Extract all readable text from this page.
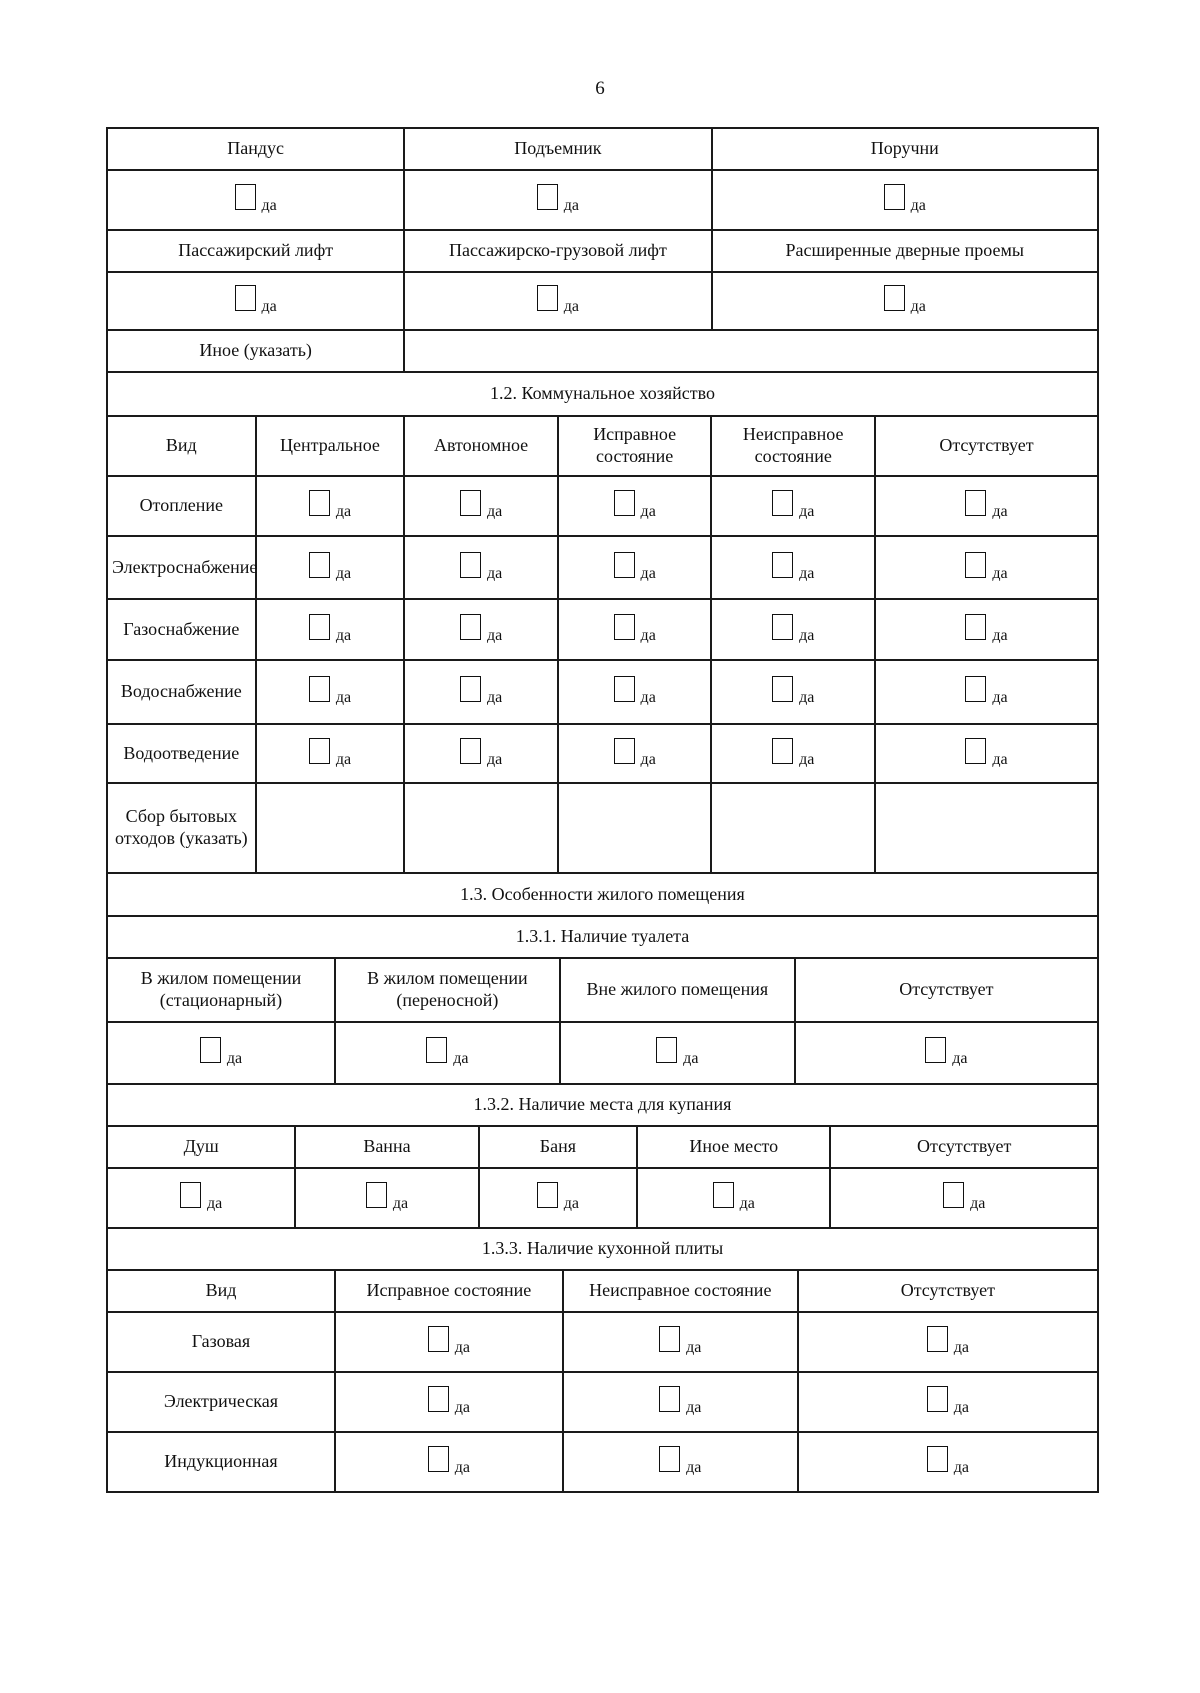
6
Пандус	Подъемник	Поручни

да	да	да

Пассажирский лифт	Пассажирско-грузовой лифт	Расширенные дверные проемы

да	да	да

Иное (указать)		
1.2. Коммунальное хозяйство					
Вид	Центральное	Автономное	Исправное состояние	Неисправное состояние	Отсутствует
Отопление	да	да	да	да	да

Электроснабжение	да	да	да	да	да

Газоснабжение	да	да	да	да	да

Водоснабжение	да	да	да	да	да

Водоотведение	да	да	да	да	да

Сбор бытовых отходов (указать)					
1.3. Особенности жилого помещения			
1.3.1. Наличие туалета			
В жилом помещении (стационарный)	В жилом помещении (переносной)	Вне жилого помещения	Отсутствует

да	да	да	да
1.3.2. Наличие места для купания				
Душ	Ванна	Баня	Иное место	Отсутствует

да	да	да	да	да
1.3.3. Наличие кухонной плиты			
Вид	Исправное состояние	Неисправное состояние	Отсутствует
Газовая	да	да	да

Электрическая	да	да	да

Индукционная	да	да	да
